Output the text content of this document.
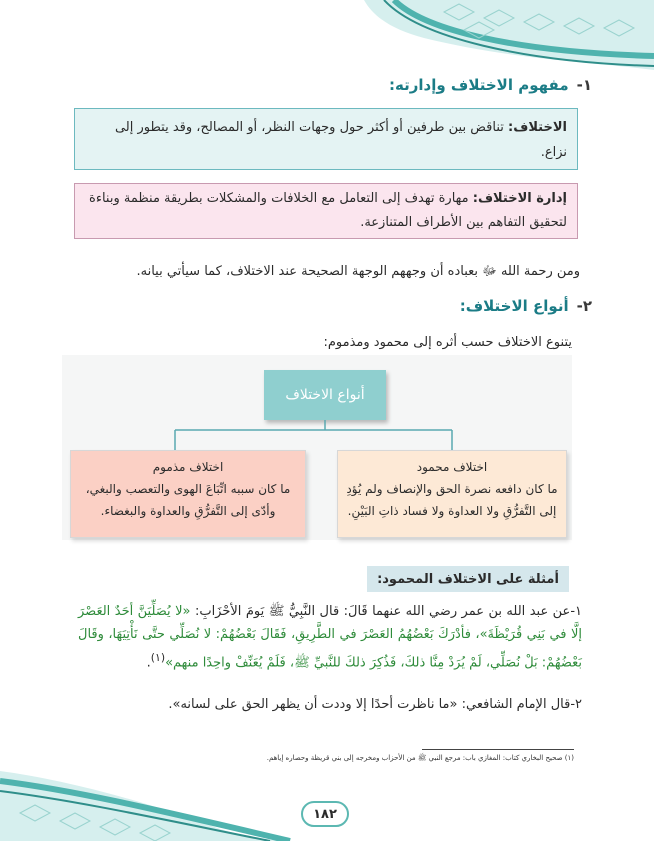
١-مفهوم الاختلاف وإدارته:
الاختلاف: تناقض بين طرفين أو أكثر حول وجهات النظر، أو المصالح، وقد يتطور إلى نزاع.
إدارة الاختلاف: مهارة تهدف إلى التعامل مع الخلافات والمشكلات بطريقة منظمة وبناءة لتحقيق التفاهم بين الأطراف المتنازعة.
ومن رحمة الله ﷻ بعباده أن وجههم الوجهة الصحيحة عند الاختلاف، كما سيأتي بيانه.
٢-أنواع الاختلاف:
يتنوع الاختلاف حسب أثره إلى محمود ومذموم:
أنواع الاختلاف
اختلاف محمود
ما كان دافعه نصرة الحق والإنصاف ولم يُؤدِ
إلى التَّفرُّقِ ولا العداوة ولا فساد ذاتِ البَيْنِ.
اختلاف مذموم
ما كان سببه اتِّبَاعَ الهوى والتعصب والبغي،
وأدّى إلى التَّفرُّقِ والعداوة والبغضاء.
أمثلة على الاختلاف المحمود:
١-عن عبد الله بن عمر رضي الله عنهما قَالَ: قال النَّبِيُّ ﷺ يَومَ الأحْزَابِ: «لا يُصَلِّيَنَّ أحَدٌ العَصْرَ إلَّا في بَنِي قُرَيْظَةَ»، فأدْرَكَ بَعْضُهُمُ العَصْرَ في الطَّرِيقِ، فَقَالَ بَعْضُهُمْ: لا نُصَلِّي حتَّى نَأْتِيَهَا، وقَالَ بَعْضُهُمْ: بَلْ نُصَلِّي، لَمْ يُرَدْ مِنَّا ذلكَ، فَذُكِرَ ذلكَ للنَّبيِّ ﷺ، فَلَمْ يُعَنِّفْ واحِدًا منهم»$^{(١)}$.
٢-قال الإمام الشافعي: «ما ناظرت أحدًا إلا وددت أن يظهر الحق على لسانه».
(١) صحيح البخاري كتاب: المغازي باب: مرجع النبي ﷺ من الأحزاب ومخرجه إلى بني قريظة وحصاره إياهم.
١٨٢
